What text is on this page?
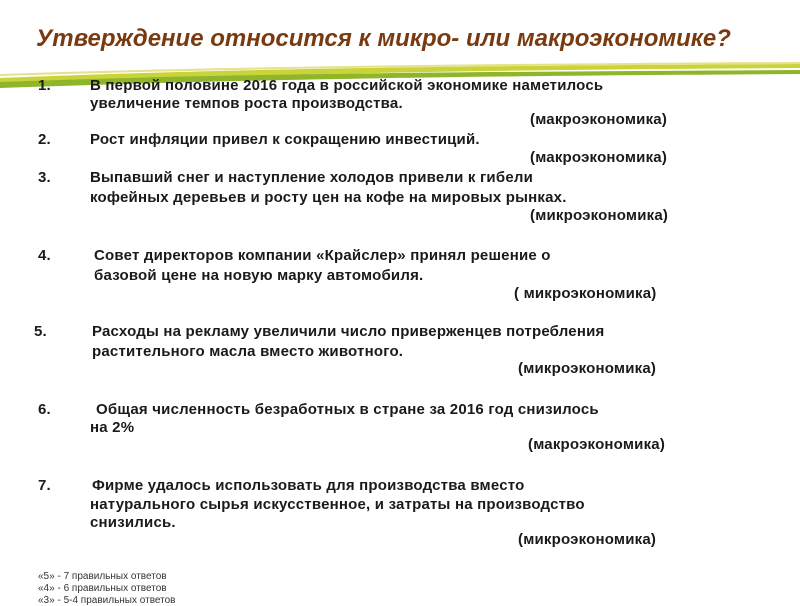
Утверждение относится к микро- или макроэкономике?
1.	В первой половине 2016 года в российской экономике наметилось
увеличение темпов роста производства.
(макроэкономика)
2.	Рост инфляции привел к сокращению инвестиций.
(макроэкономика)
3.	Выпавший снег и наступление холодов привели к гибели
кофейных деревьев и росту цен на кофе на мировых рынках.
(микроэкономика)
4.	Совет директоров компании «Крайслер» принял решение о
базовой цене на новую марку автомобиля.
( микроэкономика)
5.	Расходы на рекламу увеличили число приверженцев потребления
растительного масла вместо животного.
(микроэкономика)
6.	Общая численность безработных в стране за 2016 год снизилось
на 2%
(макроэкономика)
7.	Фирме удалось использовать для производства вместо
натурального сырья искусственное, и затраты на производство
снизились.
(микроэкономика)
«5» - 7 правильных ответов
«4» - 6 правильных ответов
«3» - 5-4 правильных ответов
